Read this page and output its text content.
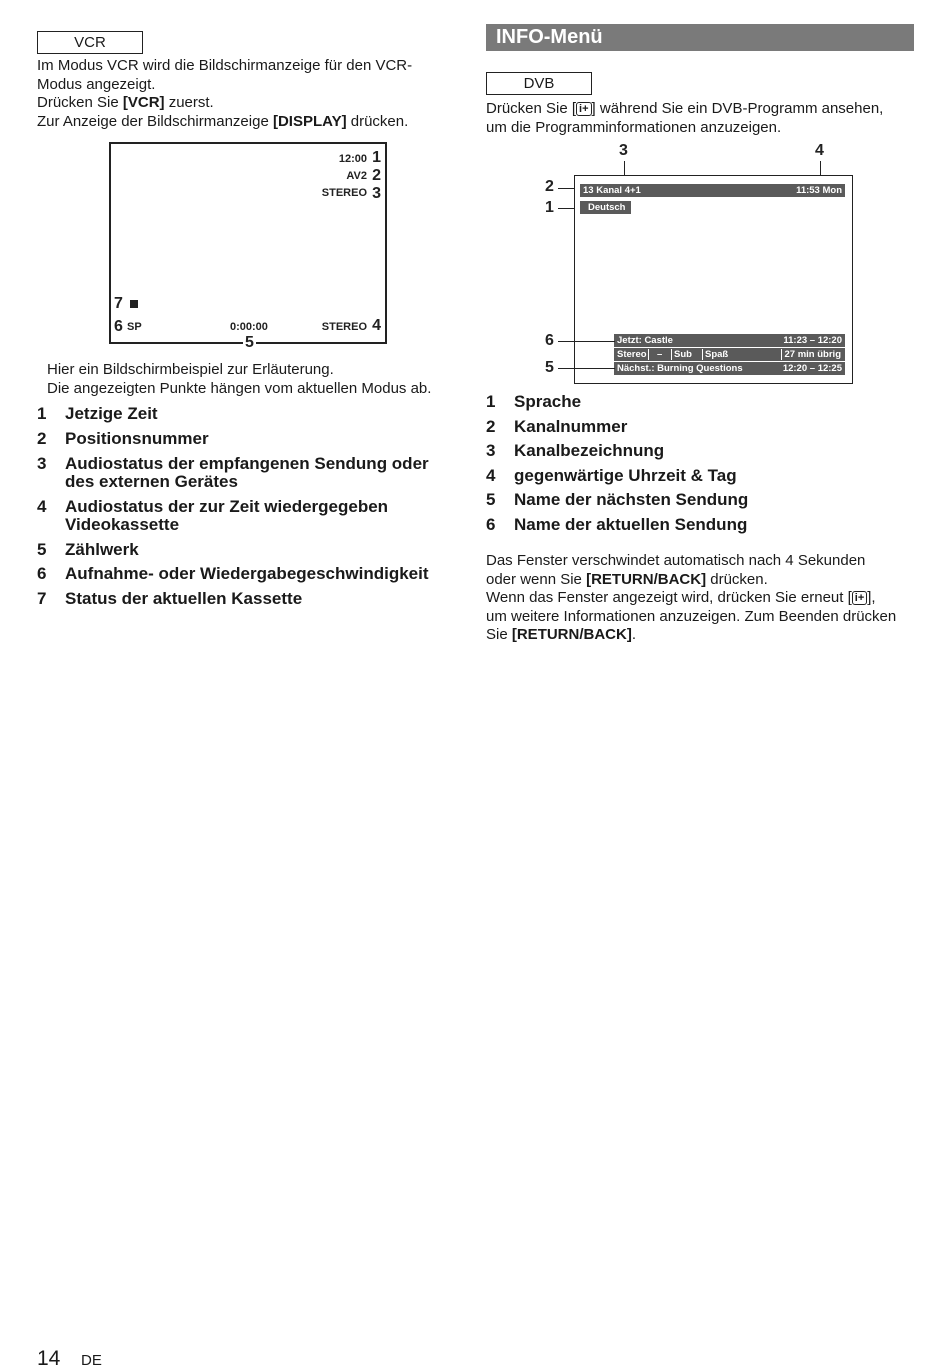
VCR
Im Modus VCR wird die Bildschirmanzeige für den VCR-
Modus angezeigt.
Drücken Sie [VCR] zuerst.
Zur Anzeige der Bildschirmanzeige [DISPLAY] drücken.
12:00
AV2
STEREO
SP	0:00:00	STEREO
1
2
3
4
6
7
5
Hier ein Bildschirmbeispiel zur Erläuterung.
Die angezeigten Punkte hängen vom aktuellen Modus ab.
1	Jetzige Zeit
2	Positionsnummer
3	Audiostatus der empfangenen Sendung oder
des externen Gerätes
4	Audiostatus der zur Zeit wiedergegeben
Videokassette
5	Zählwerk
6	Aufnahme- oder Wiedergabegeschwindigkeit
7	Status der aktuellen Kassette
INFO-Menü
DVB
Drücken Sie [ i+ ] während Sie ein DVB-Programm ansehen,
um die Programminformationen anzuzeigen.
3	4
2
1
13 Kanal 4+1	11:53 Mon
Deutsch
Jetzt: Castle	11:23 – 12:20
Stereo – Sub Spaß	27 min übrig
Nächst.: Burning Questions	12:20 – 12:25
6
5
1	Sprache
2	Kanalnummer
3	Kanalbezeichnung
4	gegenwärtige Uhrzeit & Tag
5	Name der nächsten Sendung
6	Name der aktuellen Sendung
Das Fenster verschwindet automatisch nach 4 Sekunden
oder wenn Sie [RETURN/BACK] drücken.
Wenn das Fenster angezeigt wird, drücken Sie erneut [ i+ ],
um weitere Informationen anzuzeigen. Zum Beenden drücken
Sie [RETURN/BACK].
14 DE
